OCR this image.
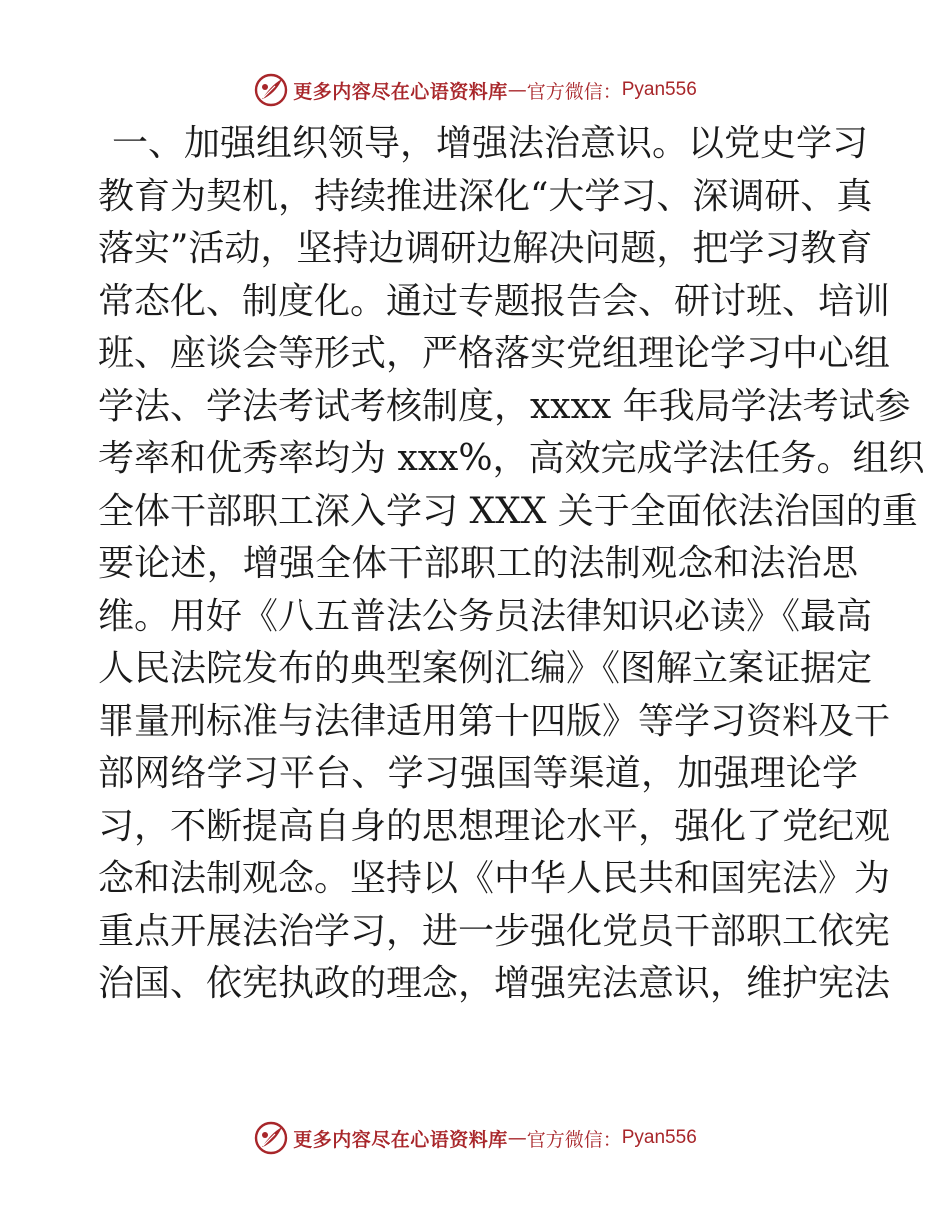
更多内容尽在心语资料库 — 官方微信： Pyan556
一、加强组织领导，增强法治意识。以党史学习
教育为契机，持续推进深化“大学习、深调研、真
落实”活动，坚持边调研边解决问题，把学习教育
常态化、制度化。通过专题报告会、研讨班、培训
班、座谈会等形式，严格落实党组理论学习中心组
学法、学法考试考核制度，xxxx 年我局学法考试参
考率和优秀率均为 xxx%，高效完成学法任务。组织
全体干部职工深入学习 XXX 关于全面依法治国的重
要论述，增强全体干部职工的法制观念和法治思
维。用好《八五普法公务员法律知识必读》《最高
人民法院发布的典型案例汇编》《图解立案证据定
罪量刑标准与法律适用第十四版》等学习资料及干
部网络学习平台、学习强国等渠道，加强理论学
习，不断提高自身的思想理论水平，强化了党纪观
念和法制观念。坚持以《中华人民共和国宪法》为
重点开展法治学习，进一步强化党员干部职工依宪
治国、依宪执政的理念，增强宪法意识，维护宪法
更多内容尽在心语资料库 — 官方微信： Pyan556
